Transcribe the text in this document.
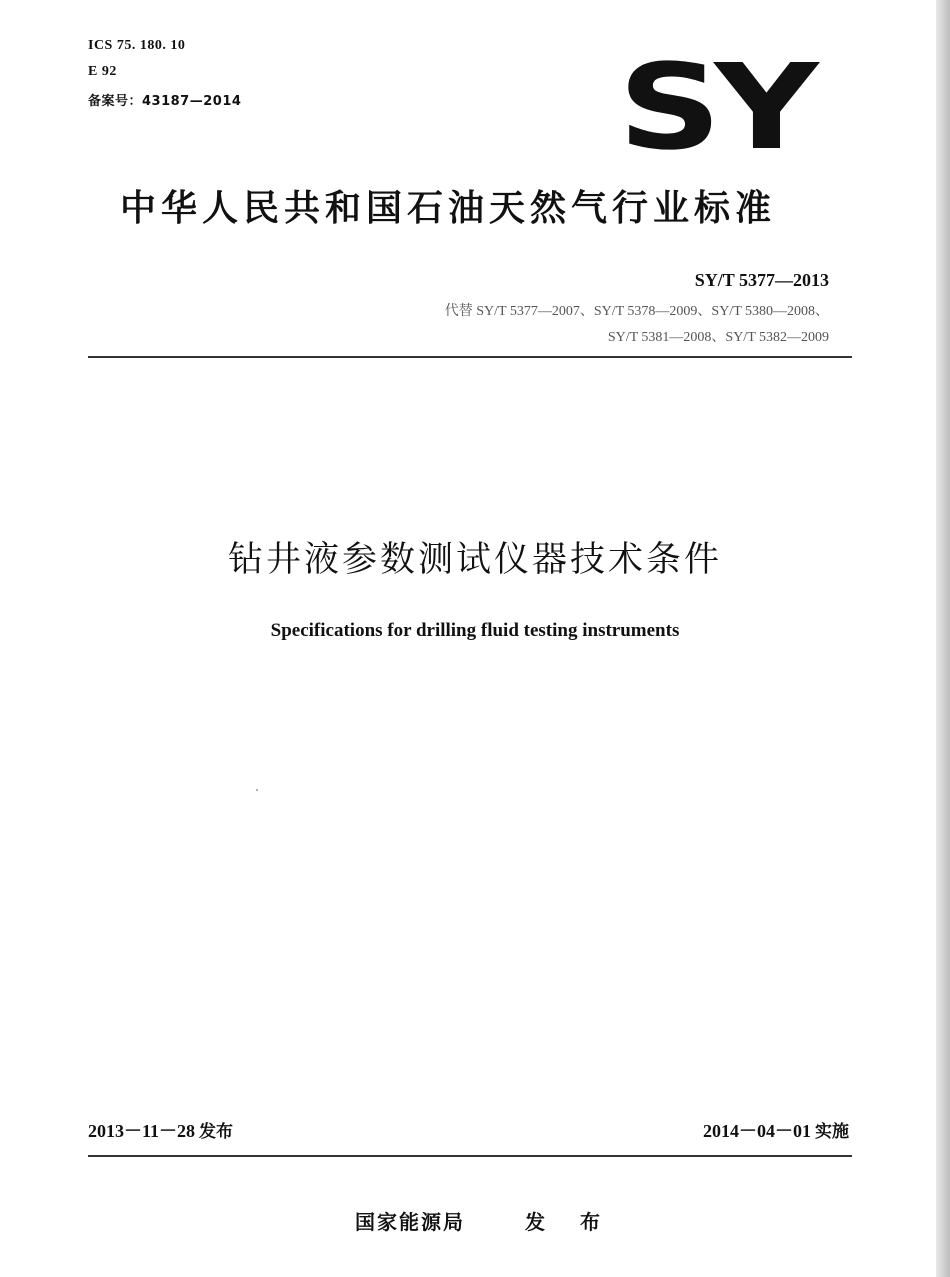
ICS 75. 180. 10
E 92
备案号：43187—2014	SY
中华人民共和国石油天然气行业标准
SY/T 5377—2013
代替 SY/T 5377—2007、SY/T 5378—2009、SY/T 5380—2008、
SY/T 5381—2008、SY/T 5382—2009
钻井液参数测试仪器技术条件
Specifications for drilling fluid testing instruments
2013－11－28 发布	2014－04－01 实施
国家能源局	发 布
